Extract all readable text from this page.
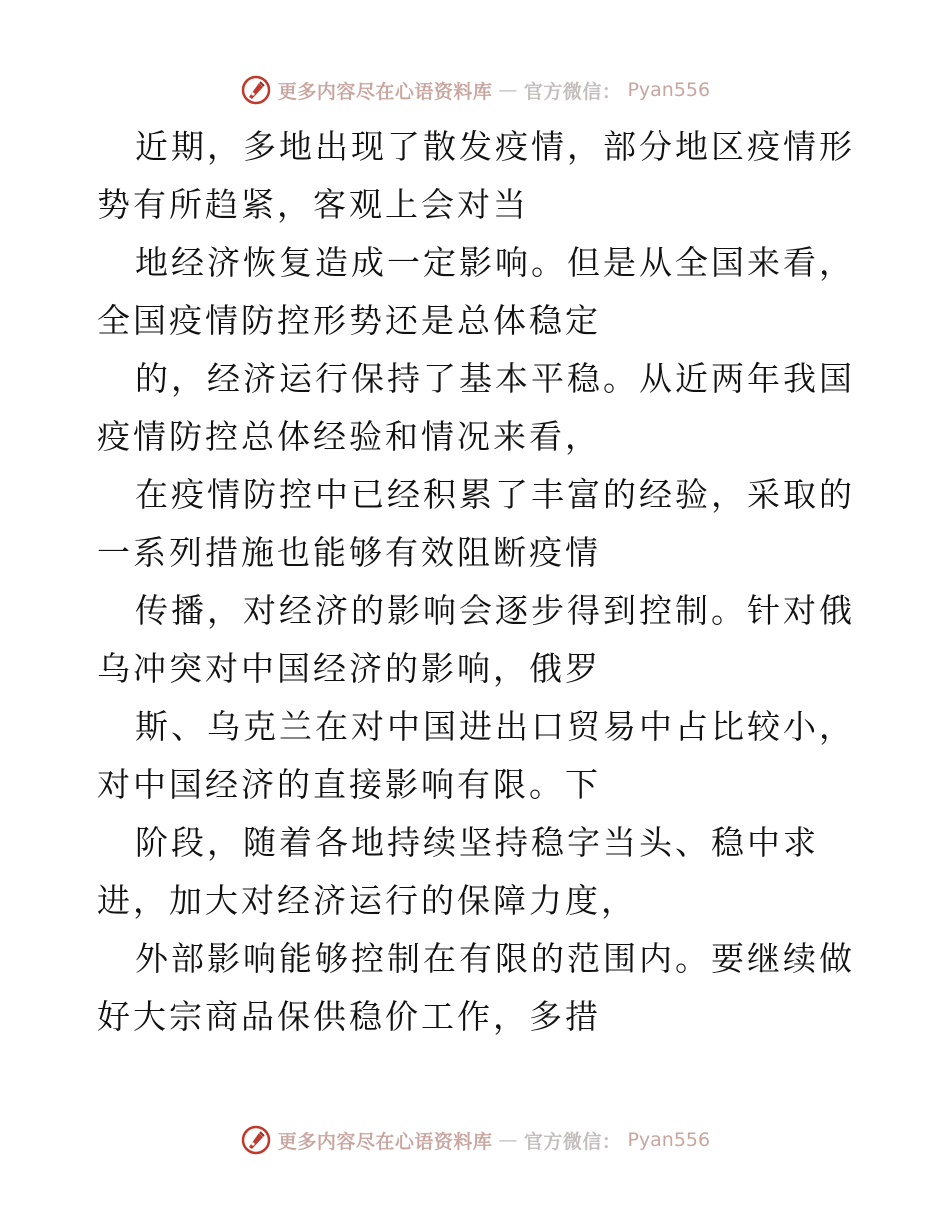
更多内容尽在心语资料库 — 官方微信： Pyan556

近期，多地出现了散发疫情，部分地区疫情形势有所趋紧，客观上会对当

地经济恢复造成一定影响。但是从全国来看，全国疫情防控形势还是总体稳定

的，经济运行保持了基本平稳。从近两年我国疫情防控总体经验和情况来看，

在疫情防控中已经积累了丰富的经验，采取的一系列措施也能够有效阻断疫情

传播，对经济的影响会逐步得到控制。针对俄乌冲突对中国经济的影响，俄罗

斯、乌克兰在对中国进出口贸易中占比较小，对中国经济的直接影响有限。下

阶段，随着各地持续坚持稳字当头、稳中求进，加大对经济运行的保障力度，

外部影响能够控制在有限的范围内。要继续做好大宗商品保供稳价工作，多措

更多内容尽在心语资料库 — 官方微信： Pyan556
